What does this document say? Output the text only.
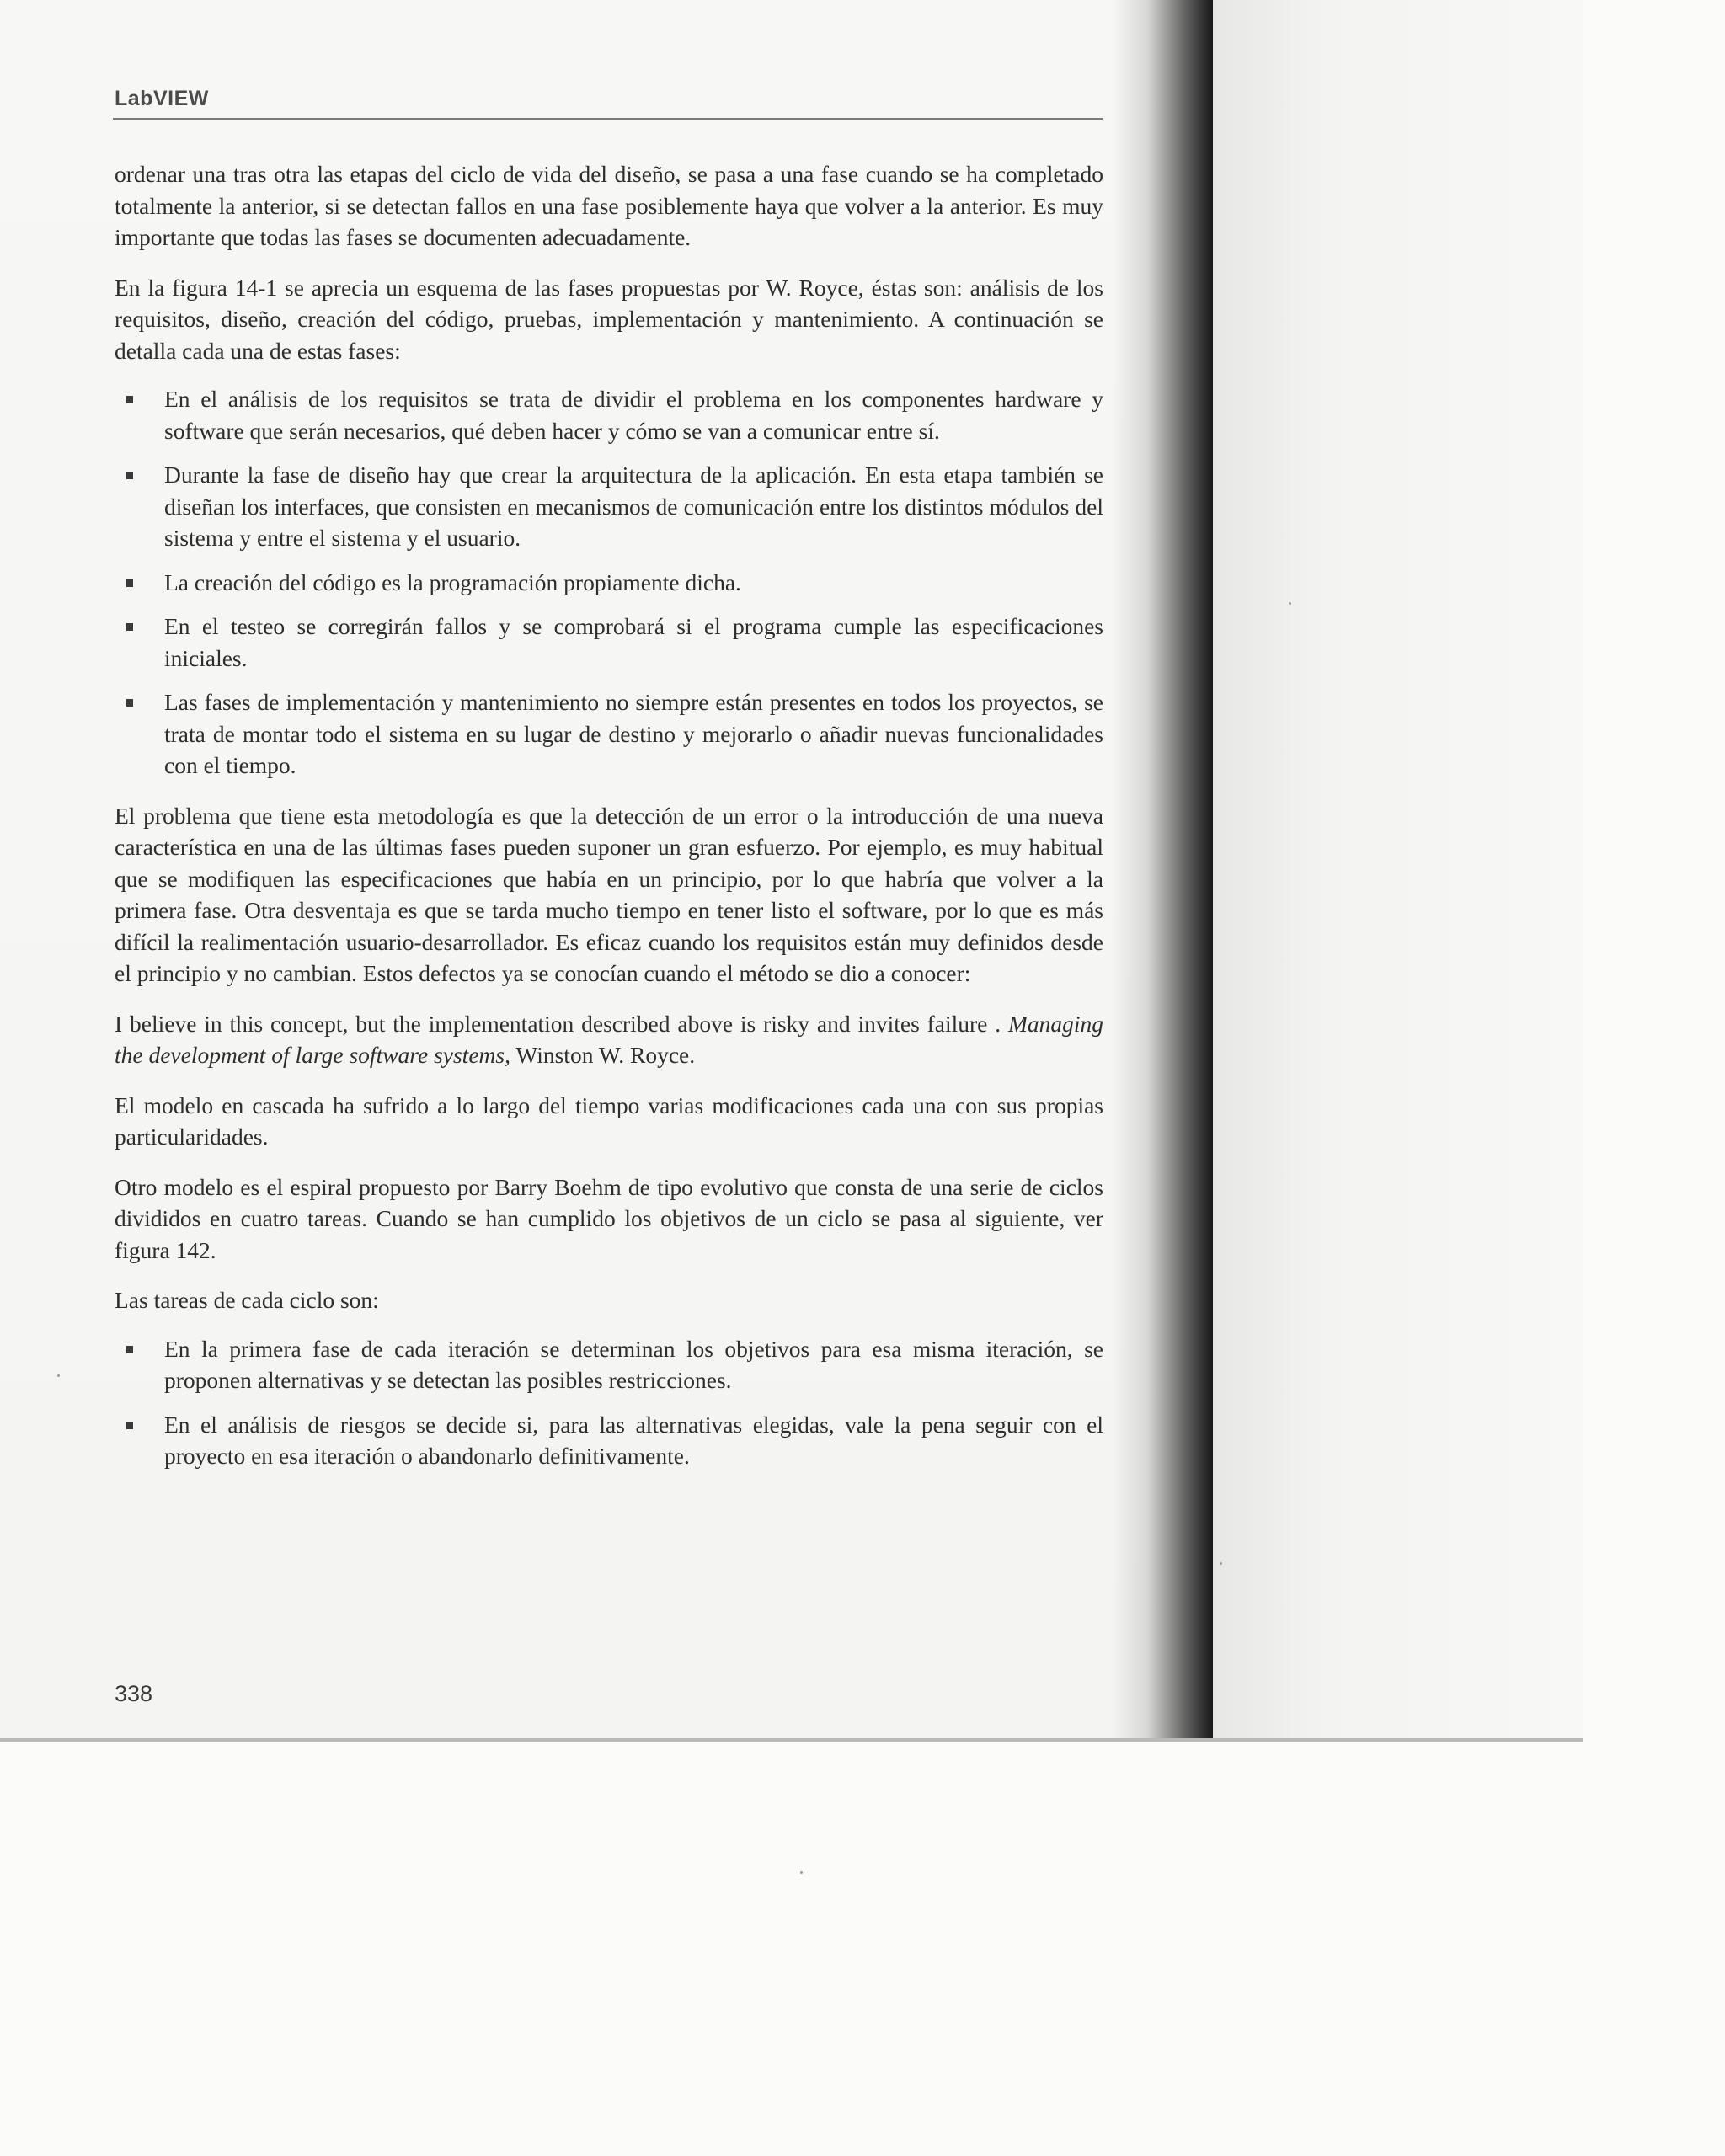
LabVIEW

ordenar una tras otra las etapas del ciclo de vida del diseño, se pasa a una fase cuando se ha completado totalmente la anterior, si se detectan fallos en una fase posiblemente haya que volver a la anterior. Es muy importante que todas las fases se documenten adecuadamente.

En la figura 14-1 se aprecia un esquema de las fases propuestas por W. Royce, éstas son: análisis de los requisitos, diseño, creación del código, pruebas, implementación y mantenimiento. A continuación se detalla cada una de estas fases:

En el análisis de los requisitos se trata de dividir el problema en los componentes hardware y software que serán necesarios, qué deben hacer y cómo se van a comunicar entre sí.
Durante la fase de diseño hay que crear la arquitectura de la aplicación. En esta etapa también se diseñan los interfaces, que consisten en mecanismos de comunicación entre los distintos módulos del sistema y entre el sistema y el usuario.
La creación del código es la programación propiamente dicha.
En el testeo se corregirán fallos y se comprobará si el programa cumple las especificaciones iniciales.
Las fases de implementación y mantenimiento no siempre están presentes en todos los proyectos, se trata de montar todo el sistema en su lugar de destino y mejorarlo o añadir nuevas funcionalidades con el tiempo.

El problema que tiene esta metodología es que la detección de un error o la introducción de una nueva característica en una de las últimas fases pueden suponer un gran esfuerzo. Por ejemplo, es muy habitual que se modifiquen las especificaciones que había en un principio, por lo que habría que volver a la primera fase. Otra desventaja es que se tarda mucho tiempo en tener listo el software, por lo que es más difícil la realimentación usuario-desarrollador. Es eficaz cuando los requisitos están muy definidos desde el principio y no cambian. Estos defectos ya se conocían cuando el método se dio a conocer:

I believe in this concept, but the implementation described above is risky and invites failure . Managing the development of large software systems, Winston W. Royce.

El modelo en cascada ha sufrido a lo largo del tiempo varias modificaciones cada una con sus propias particularidades.

Otro modelo es el espiral propuesto por Barry Boehm de tipo evolutivo que consta de una serie de ciclos divididos en cuatro tareas. Cuando se han cumplido los objetivos de un ciclo se pasa al siguiente, ver figura 142.

Las tareas de cada ciclo son:

En la primera fase de cada iteración se determinan los objetivos para esa misma iteración, se proponen alternativas y se detectan las posibles restricciones.
En el análisis de riesgos se decide si, para las alternativas elegidas, vale la pena seguir con el proyecto en esa iteración o abandonarlo definitivamente.
338
